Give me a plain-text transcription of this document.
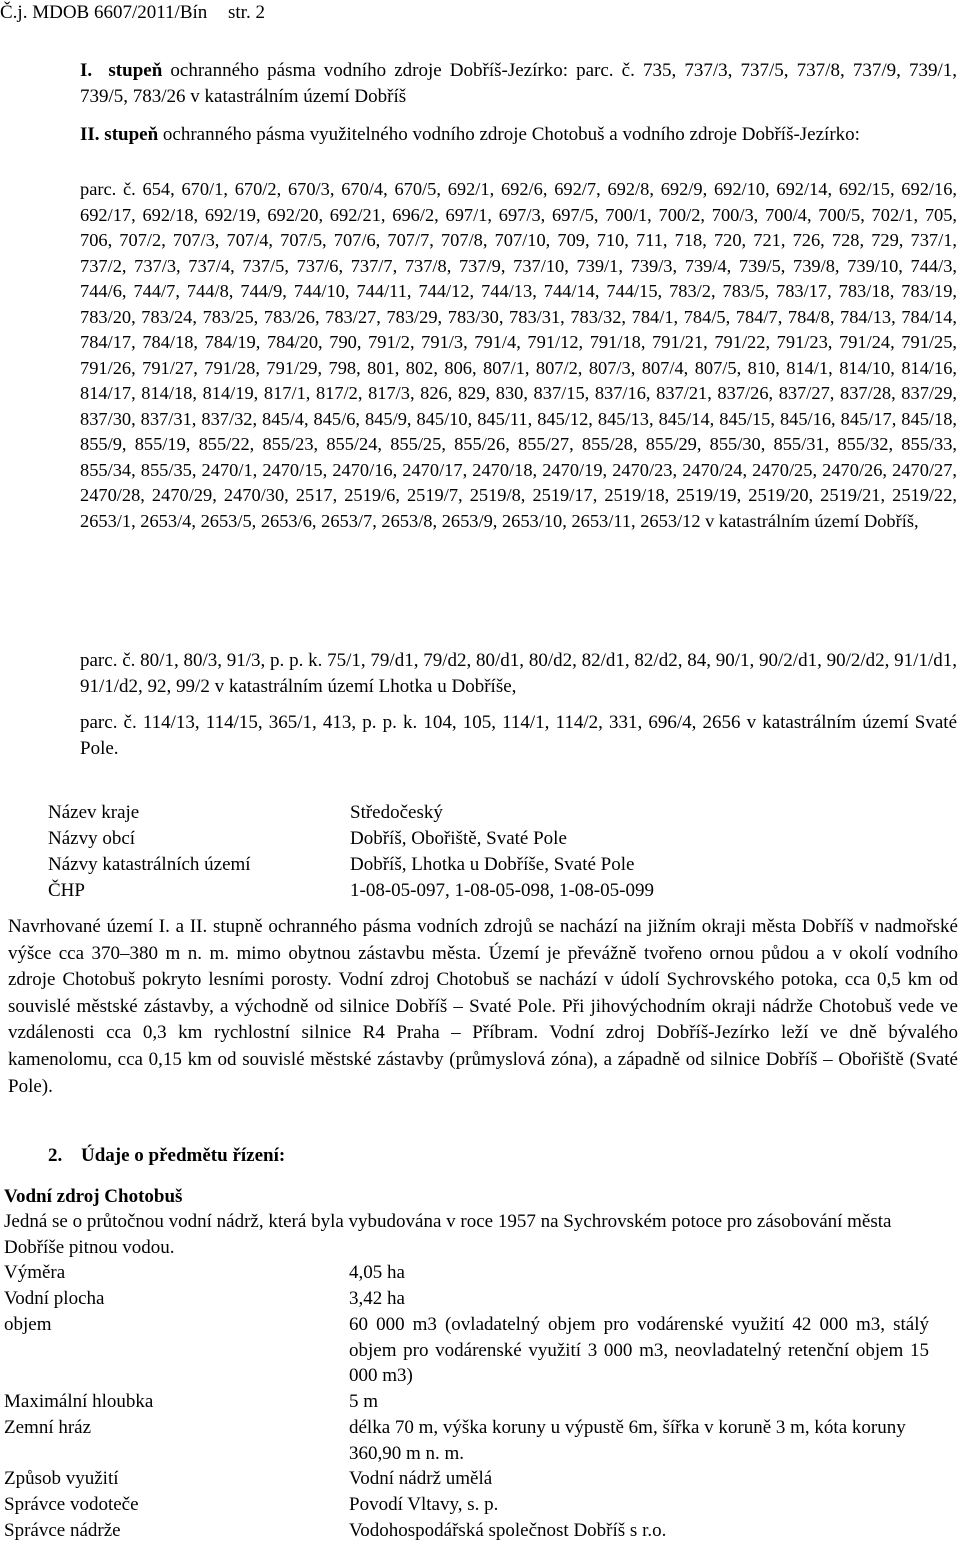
Č.j. MDOB 6607/2011/Bín str. 2
I. stupeň ochranného pásma vodního zdroje Dobříš-Jezírko: parc. č. 735, 737/3, 737/5, 737/8, 737/9, 739/1, 739/5, 783/26 v katastrálním území Dobříš
II. stupeň ochranného pásma využitelného vodního zdroje Chotobuš a vodního zdroje Dobříš-Jezírko:
parc. č. 654, 670/1, 670/2, 670/3, 670/4, 670/5, 692/1, 692/6, 692/7, 692/8, 692/9, 692/10, 692/14, 692/15, 692/16, 692/17, 692/18, 692/19, 692/20, 692/21, 696/2, 697/1, 697/3, 697/5, 700/1, 700/2, 700/3, 700/4, 700/5, 702/1, 705, 706, 707/2, 707/3, 707/4, 707/5, 707/6, 707/7, 707/8, 707/10, 709, 710, 711, 718, 720, 721, 726, 728, 729, 737/1, 737/2, 737/3, 737/4, 737/5, 737/6, 737/7, 737/8, 737/9, 737/10, 739/1, 739/3, 739/4, 739/5, 739/8, 739/10, 744/3, 744/6, 744/7, 744/8, 744/9, 744/10, 744/11, 744/12, 744/13, 744/14, 744/15, 783/2, 783/5, 783/17, 783/18, 783/19, 783/20, 783/24, 783/25, 783/26, 783/27, 783/29, 783/30, 783/31, 783/32, 784/1, 784/5, 784/7, 784/8, 784/13, 784/14, 784/17, 784/18, 784/19, 784/20, 790, 791/2, 791/3, 791/4, 791/12, 791/18, 791/21, 791/22, 791/23, 791/24, 791/25, 791/26, 791/27, 791/28, 791/29, 798, 801, 802, 806, 807/1, 807/2, 807/3, 807/4, 807/5, 810, 814/1, 814/10, 814/16, 814/17, 814/18, 814/19, 817/1, 817/2, 817/3, 826, 829, 830, 837/15, 837/16, 837/21, 837/26, 837/27, 837/28, 837/29, 837/30, 837/31, 837/32, 845/4, 845/6, 845/9, 845/10, 845/11, 845/12, 845/13, 845/14, 845/15, 845/16, 845/17, 845/18, 855/9, 855/19, 855/22, 855/23, 855/24, 855/25, 855/26, 855/27, 855/28, 855/29, 855/30, 855/31, 855/32, 855/33, 855/34, 855/35, 2470/1, 2470/15, 2470/16, 2470/17, 2470/18, 2470/19, 2470/23, 2470/24, 2470/25, 2470/26, 2470/27, 2470/28, 2470/29, 2470/30, 2517, 2519/6, 2519/7, 2519/8, 2519/17, 2519/18, 2519/19, 2519/20, 2519/21, 2519/22, 2653/1, 2653/4, 2653/5, 2653/6, 2653/7, 2653/8, 2653/9, 2653/10, 2653/11, 2653/12 v katastrálním území Dobříš,
parc. č. 80/1, 80/3, 91/3, p. p. k. 75/1, 79/d1, 79/d2, 80/d1, 80/d2, 82/d1, 82/d2, 84, 90/1, 90/2/d1, 90/2/d2, 91/1/d1, 91/1/d2, 92, 99/2 v katastrálním území Lhotka u Dobříše,
parc. č. 114/13, 114/15, 365/1, 413, p. p. k. 104, 105, 114/1, 114/2, 331, 696/4, 2656 v katastrálním území Svaté Pole.
Název kraje	Středočeský
Názvy obcí	Dobříš, Obořiště, Svaté Pole
Názvy katastrálních území	Dobříš, Lhotka u Dobříše, Svaté Pole
ČHP	1-08-05-097, 1-08-05-098, 1-08-05-099
Navrhované území I. a II. stupně ochranného pásma vodních zdrojů se nachází na jižním okraji města Dobříš v nadmořské výšce cca 370–380 m n. m. mimo obytnou zástavbu města. Území je převážně tvořeno ornou půdou a v okolí vodního zdroje Chotobuš pokryto lesními porosty. Vodní zdroj Chotobuš se nachází v údolí Sychrovského potoka, cca 0,5 km od souvislé městské zástavby, a východně od silnice Dobříš – Svaté Pole. Při jihovýchodním okraji nádrže Chotobuš vede ve vzdálenosti cca 0,3 km rychlostní silnice R4 Praha – Příbram. Vodní zdroj Dobříš-Jezírko leží ve dně bývalého kamenolomu, cca 0,15 km od souvislé městské zástavby (průmyslová zóna), a západně od silnice Dobříš – Obořiště (Svaté Pole).
2. Údaje o předmětu řízení:
Vodní zdroj Chotobuš
Jedná se o průtočnou vodní nádrž, která byla vybudována v roce 1957 na Sychrovském potoce pro zásobování města Dobříše pitnou vodou.
Výměra	4,05 ha
Vodní plocha	3,42 ha
objem	60 000 m3 (ovladatelný objem pro vodárenské využití 42 000 m3, stálý objem pro vodárenské využití 3 000 m3, neovladatelný retenční objem 15 000 m3)
Maximální hloubka	5 m
Zemní hráz	délka 70 m, výška koruny u výpustě 6m, šířka v koruně 3 m, kóta koruny 360,90 m n. m.
Způsob využití	Vodní nádrž umělá
Správce vodoteče	Povodí Vltavy, s. p.
Správce nádrže	Vodohospodářská společnost Dobříš s r.o.
